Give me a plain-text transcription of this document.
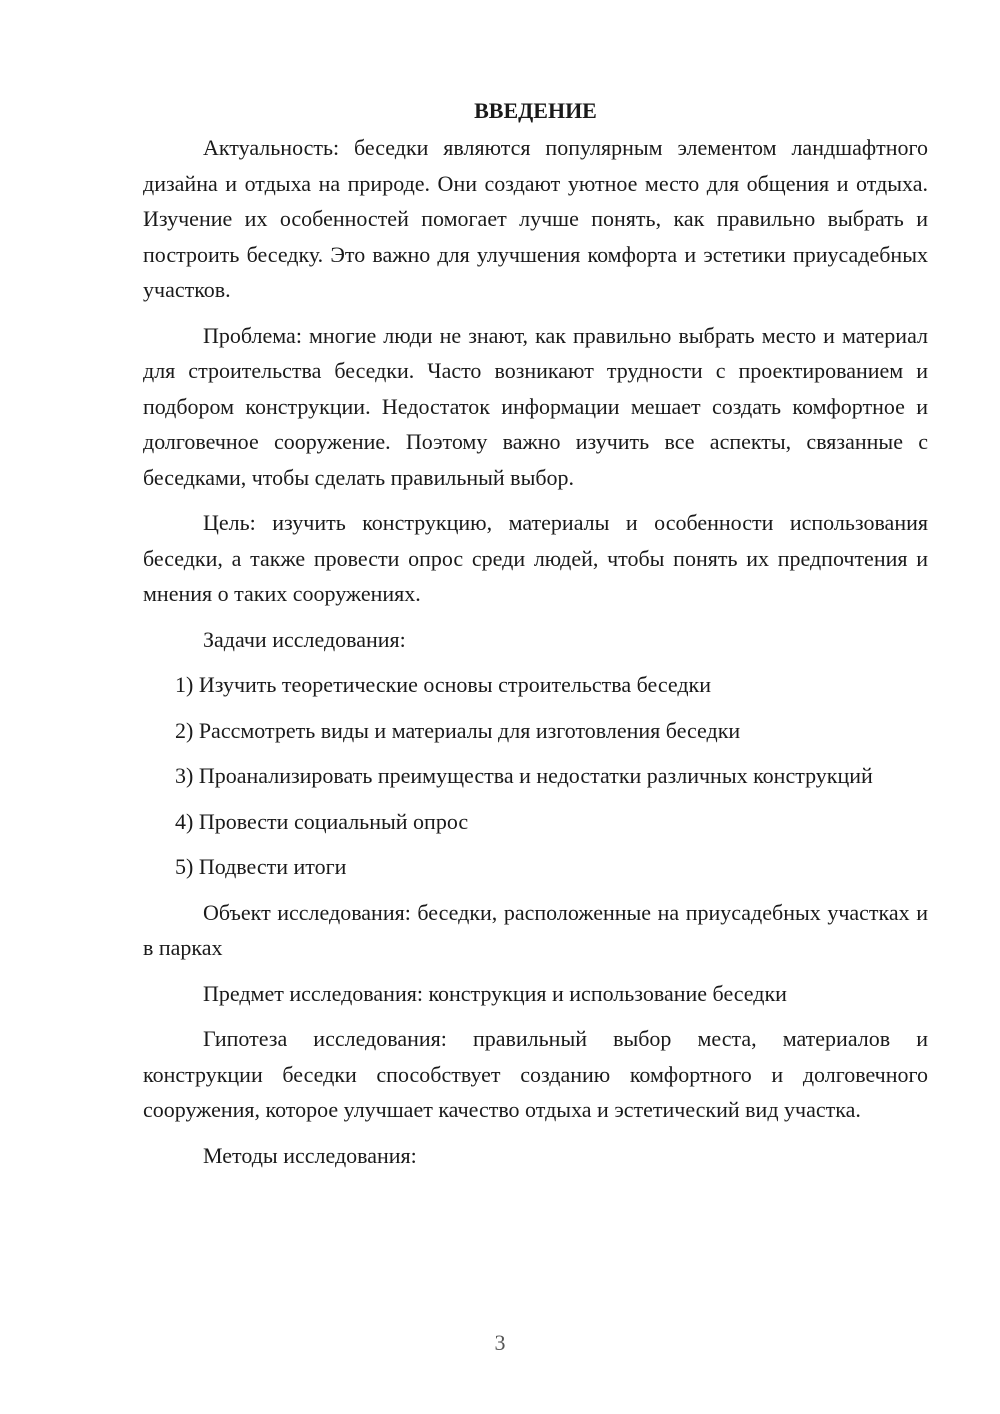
ВВЕДЕНИЕ

Актуальность: беседки являются популярным элементом ландшафтного дизайна и отдыха на природе. Они создают уютное место для общения и отдыха. Изучение их особенностей помогает лучше понять, как правильно выбрать и построить беседку. Это важно для улучшения комфорта и эстетики приусадебных участков.

Проблема: многие люди не знают, как правильно выбрать место и материал для строительства беседки. Часто возникают трудности с проектированием и подбором конструкции. Недостаток информации мешает создать комфортное и долговечное сооружение. Поэтому важно изучить все аспекты, связанные с беседками, чтобы сделать правильный выбор.

Цель: изучить конструкцию, материалы и особенности использования беседки, а также провести опрос среди людей, чтобы понять их предпочтения и мнения о таких сооружениях.

Задачи исследования:

1) Изучить теоретические основы строительства беседки

2) Рассмотреть виды и материалы для изготовления беседки

3) Проанализировать преимущества и недостатки различных конструкций

4) Провести социальный опрос

5) Подвести итоги

Объект исследования: беседки, расположенные на приусадебных участках и в парках

Предмет исследования: конструкция и использование беседки

Гипотеза исследования: правильный выбор места, материалов и конструкции беседки способствует созданию комфортного и долговечного сооружения, которое улучшает качество отдыха и эстетический вид участка.

Методы исследования:

3
